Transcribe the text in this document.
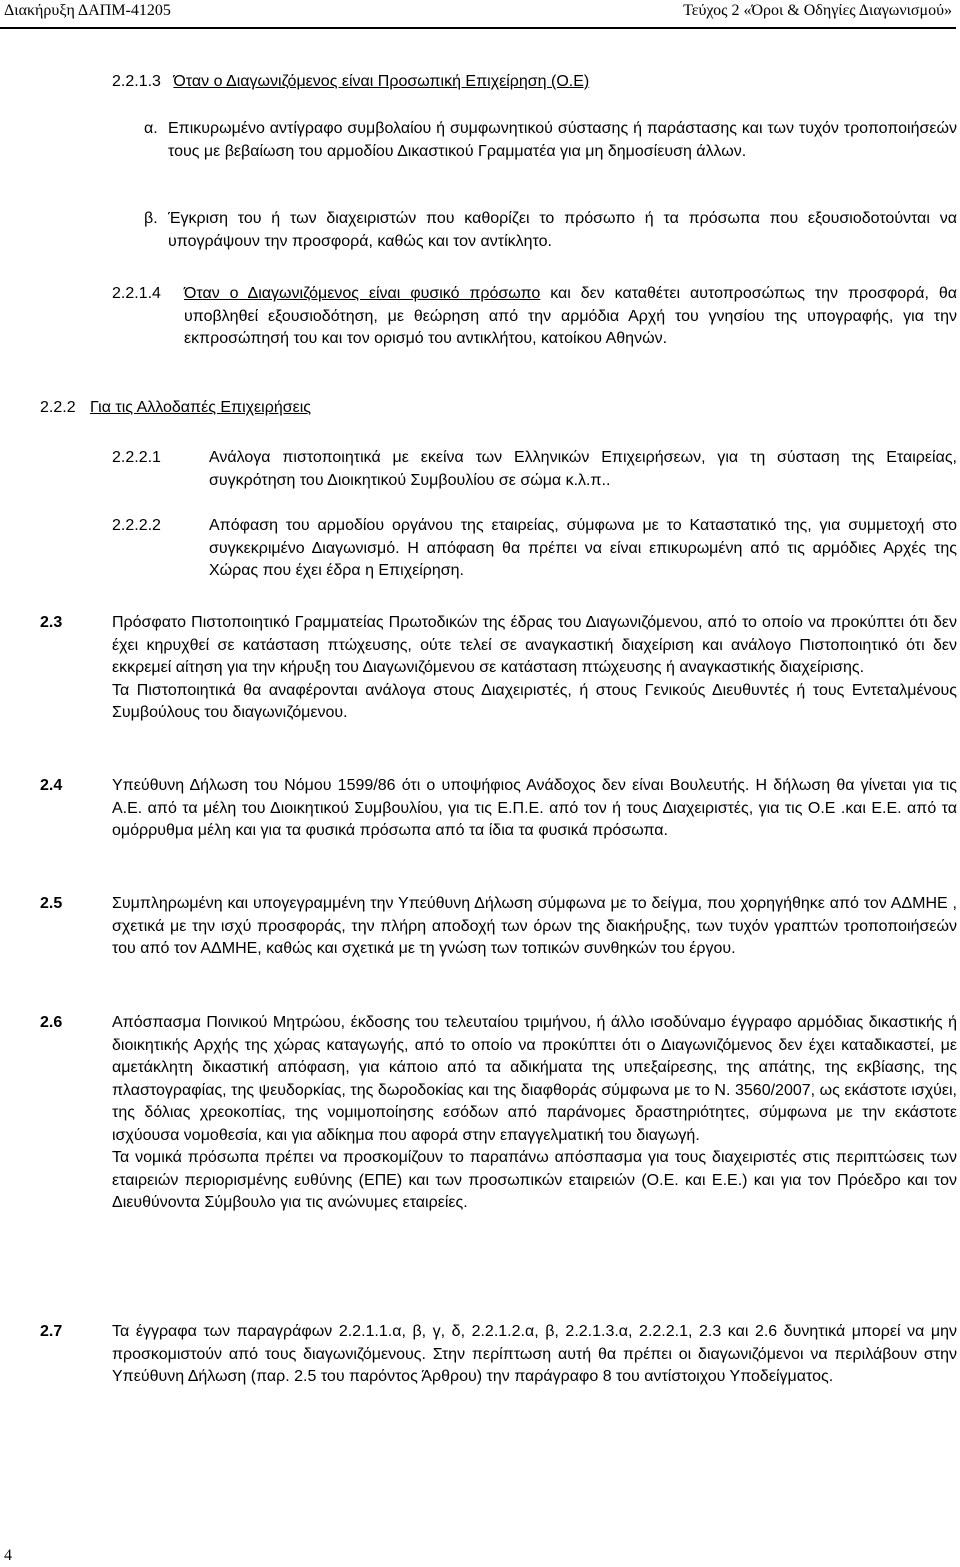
Διακήρυξη ΔΑΠΜ-41205	Τεύχος 2 «Όροι & Οδηγίες Διαγωνισμού»
2.2.1.3 Όταν ο Διαγωνιζόμενος είναι Προσωπική Επιχείρηση (Ο.Ε)
α. Επικυρωμένο αντίγραφο συμβολαίου ή συμφωνητικού σύστασης ή παράστασης και των τυχόν τροποποιήσεών τους με βεβαίωση του αρμοδίου Δικαστικού Γραμματέα για μη δημοσίευση άλλων.
β. Έγκριση του ή των διαχειριστών που καθορίζει το πρόσωπο ή τα πρόσωπα που εξουσιοδοτούνται να υπογράψουν την προσφορά, καθώς και τον αντίκλητο.
2.2.1.4 Όταν ο Διαγωνιζόμενος είναι φυσικό πρόσωπο και δεν καταθέτει αυτοπροσώπως την προσφορά, θα υποβληθεί εξουσιοδότηση, με θεώρηση από την αρμόδια Αρχή του γνησίου της υπογραφής, για την εκπροσώπησή του και τον ορισμό του αντικλήτου, κατοίκου Αθηνών.
2.2.2 Για τις Αλλοδαπές Επιχειρήσεις
2.2.2.1	Ανάλογα πιστοποιητικά με εκείνα των Ελληνικών Επιχειρήσεων, για τη σύσταση της Εταιρείας, συγκρότηση του Διοικητικού Συμβουλίου σε σώμα κ.λ.π..
2.2.2.2	Απόφαση του αρμοδίου οργάνου της εταιρείας, σύμφωνα με το Καταστατικό της, για συμμετοχή στο συγκεκριμένο Διαγωνισμό. Η απόφαση θα πρέπει να είναι επικυρωμένη από τις αρμόδιες Αρχές της Χώρας που έχει έδρα η Επιχείρηση.
2.3	Πρόσφατο Πιστοποιητικό Γραμματείας Πρωτοδικών της έδρας του Διαγωνιζόμενου, από το οποίο να προκύπτει ότι δεν έχει κηρυχθεί σε κατάσταση πτώχευσης, ούτε τελεί σε αναγκαστική διαχείριση και ανάλογο Πιστοποιητικό ότι δεν εκκρεμεί αίτηση για την κήρυξη του Διαγωνιζόμενου σε κατάσταση πτώχευσης ή αναγκαστικής διαχείρισης.
Τα Πιστοποιητικά θα αναφέρονται ανάλογα στους Διαχειριστές, ή στους Γενικούς Διευθυντές ή τους Εντεταλμένους Συμβούλους του διαγωνιζόμενου.
2.4	Υπεύθυνη Δήλωση του Νόμου 1599/86 ότι ο υποψήφιος Ανάδοχος δεν είναι Βουλευτής. Η δήλωση θα γίνεται για τις Α.Ε. από τα μέλη του Διοικητικού Συμβουλίου, για τις Ε.Π.Ε. από τον ή τους Διαχειριστές, για τις Ο.Ε .και Ε.Ε. από τα ομόρρυθμα μέλη και για τα φυσικά πρόσωπα από τα ίδια τα φυσικά πρόσωπα.
2.5	Συμπληρωμένη και υπογεγραμμένη την Υπεύθυνη Δήλωση σύμφωνα με το δείγμα, που χορηγήθηκε από τον ΑΔΜΗΕ , σχετικά με την ισχύ προσφοράς, την πλήρη αποδοχή των όρων της διακήρυξης, των τυχόν γραπτών τροποποιήσεών του από τον ΑΔΜΗΕ, καθώς και σχετικά με τη γνώση των τοπικών συνθηκών του έργου.
2.6	Απόσπασμα Ποινικού Μητρώου, έκδοσης του τελευταίου τριμήνου, ή άλλο ισοδύναμο έγγραφο αρμόδιας δικαστικής ή διοικητικής Αρχής της χώρας καταγωγής, από το οποίο να προκύπτει ότι ο Διαγωνιζόμενος δεν έχει καταδικαστεί, με αμετάκλητη δικαστική απόφαση, για κάποιο από τα αδικήματα της υπεξαίρεσης, της απάτης, της εκβίασης, της πλαστογραφίας, της ψευδορκίας, της δωροδοκίας και της διαφθοράς σύμφωνα με το Ν. 3560/2007, ως εκάστοτε ισχύει, της δόλιας χρεοκοπίας, της νομιμοποίησης εσόδων από παράνομες δραστηριότητες, σύμφωνα με την εκάστοτε ισχύουσα νομοθεσία, και για αδίκημα που αφορά στην επαγγελματική του διαγωγή.
Τα νομικά πρόσωπα πρέπει να προσκομίζουν το παραπάνω απόσπασμα για τους διαχειριστές στις περιπτώσεις των εταιρειών περιορισμένης ευθύνης (ΕΠΕ) και των προσωπικών εταιρειών (Ο.Ε. και Ε.Ε.) και για τον Πρόεδρο και τον Διευθύνοντα Σύμβουλο για τις ανώνυμες εταιρείες.
2.7	Τα έγγραφα των παραγράφων 2.2.1.1.α, β, γ, δ, 2.2.1.2.α, β, 2.2.1.3.α, 2.2.2.1, 2.3 και 2.6 δυνητικά μπορεί να μην προσκομιστούν από τους διαγωνιζόμενους. Στην περίπτωση αυτή θα πρέπει οι διαγωνιζόμενοι να περιλάβουν στην Υπεύθυνη Δήλωση (παρ. 2.5 του παρόντος Άρθρου) την παράγραφο 8 του αντίστοιχου Υποδείγματος.
4
